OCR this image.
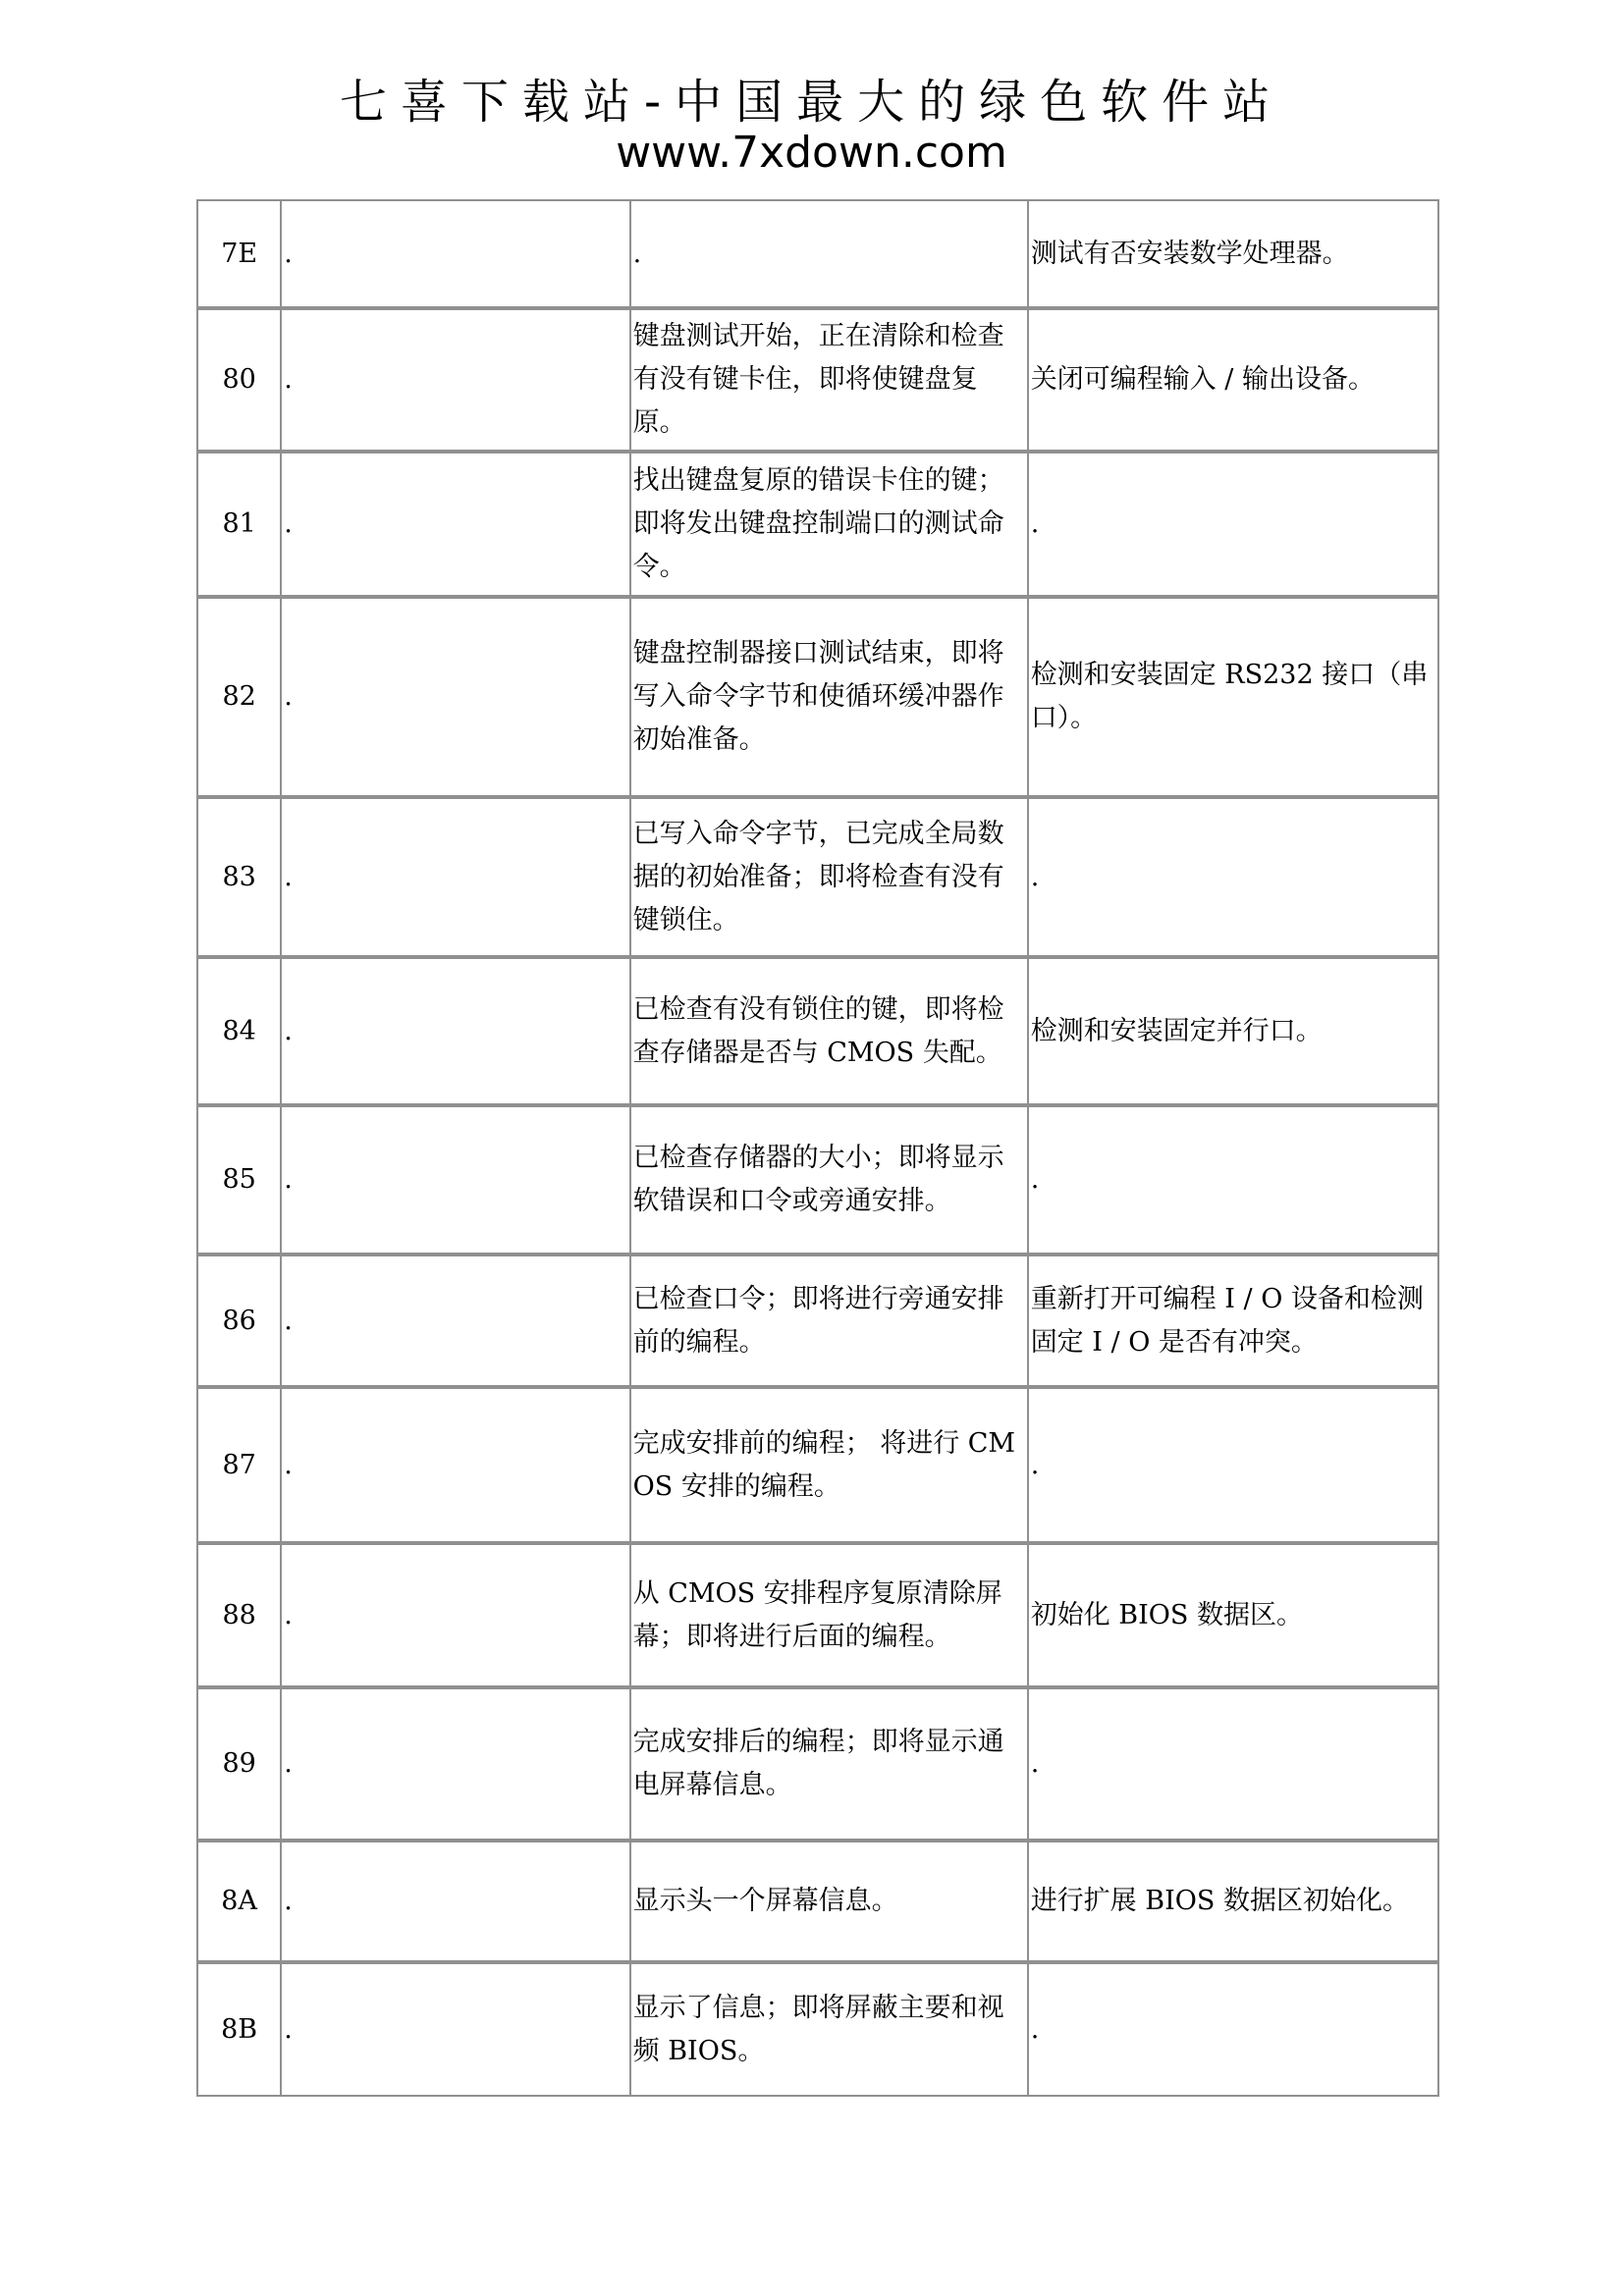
七喜下载站-中国最大的绿色软件站
www.7xdown.com
7E	.	.	测试有否安装数学处理器。
80	.	键盘测试开始，正在清除和检查有没有键卡住，即将使键盘复原。	关闭可编程输入 / 输出设备。
81	.	找出键盘复原的错误卡住的键；即将发出键盘控制端口的测试命令。	.
82	.	键盘控制器接口测试结束，即将写入命令字节和使循环缓冲器作初始准备。	检测和安装固定 RS232 接口（串口）。
83	.	已写入命令字节，已完成全局数据的初始准备；即将检查有没有键锁住。	.
84	.	已检查有没有锁住的键，即将检查存储器是否与 CMOS 失配。	检测和安装固定并行口。
85	.	已检查存储器的大小；即将显示软错误和口令或旁通安排。	.
86	.	已检查口令；即将进行旁通安排前的编程。	重新打开可编程 I / O 设备和检测固定 I / O 是否有冲突。
87	.	完成安排前的编程； 将进行 CMOS 安排的编程。	.
88	.	从 CMOS 安排程序复原清除屏幕；即将进行后面的编程。	初始化 BIOS 数据区。
89	.	完成安排后的编程；即将显示通电屏幕信息。	.
8A	.	显示头一个屏幕信息。	进行扩展 BIOS 数据区初始化。
8B	.	显示了信息；即将屏蔽主要和视频 BIOS。	.
